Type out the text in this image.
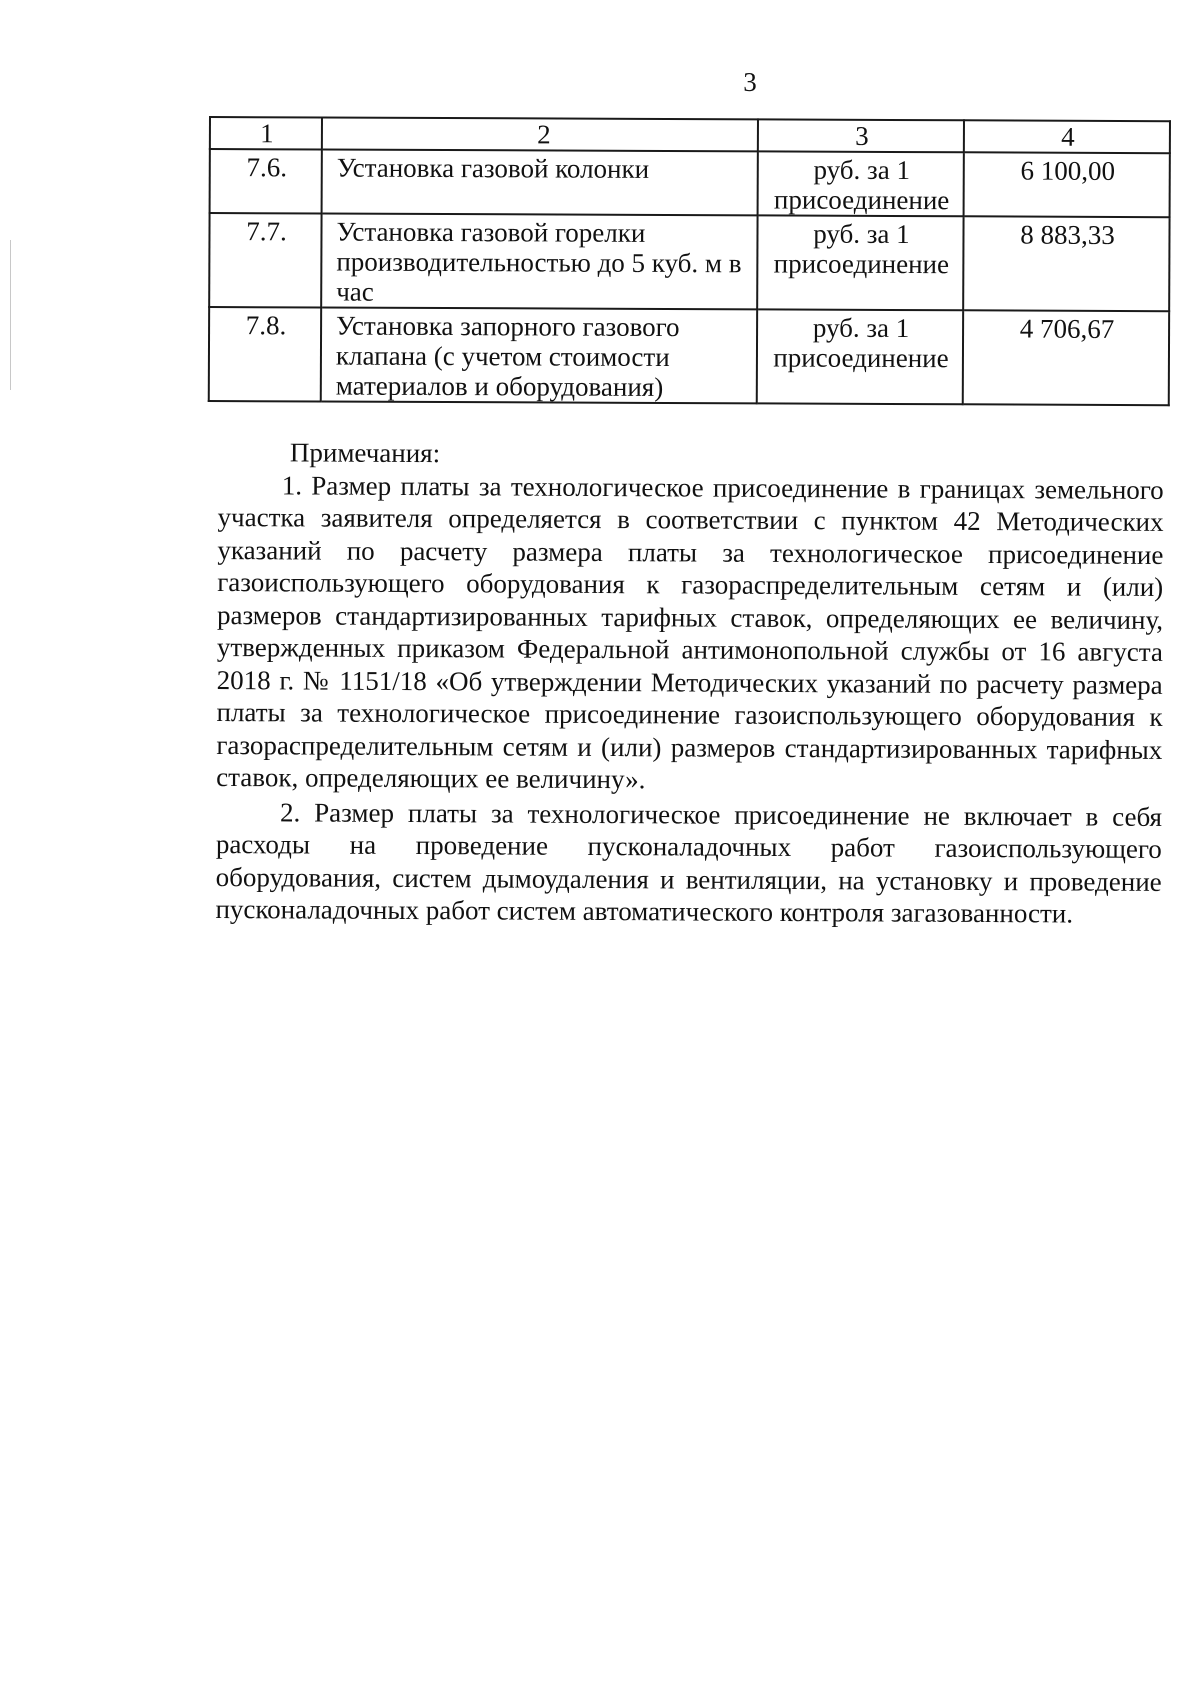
3
1	2	3	4
7.6.	Установка газовой колонки	руб. за 1 присоединение	6 100,00
7.7.	Установка газовой горелки производительностью до 5 куб. м в час	руб. за 1 присоединение	8 883,33
7.8.	Установка запорного газового клапана (с учетом стоимости материалов и оборудования)	руб. за 1 присоединение	4 706,67

Примечания:

1. Размер платы за технологическое присоединение в границах земельного участка заявителя определяется в соответствии с пунктом 42 Методических указаний по расчету размера платы за технологическое присоединение газоиспользующего оборудования к газораспределительным сетям и (или) размеров стандартизированных тарифных ставок, определяющих ее величину, утвержденных приказом Федеральной антимонопольной службы от 16 августа 2018 г. № 1151/18 «Об утверждении Методических указаний по расчету размера платы за технологическое присоединение газоиспользующего оборудования к газораспределительным сетям и (или) размеров стандартизированных тарифных ставок, определяющих ее величину».

2. Размер платы за технологическое присоединение не включает в себя расходы на проведение пусконаладочных работ газоиспользующего оборудования, систем дымоудаления и вентиляции, на установку и проведение пусконаладочных работ систем автоматического контроля загазованности.
